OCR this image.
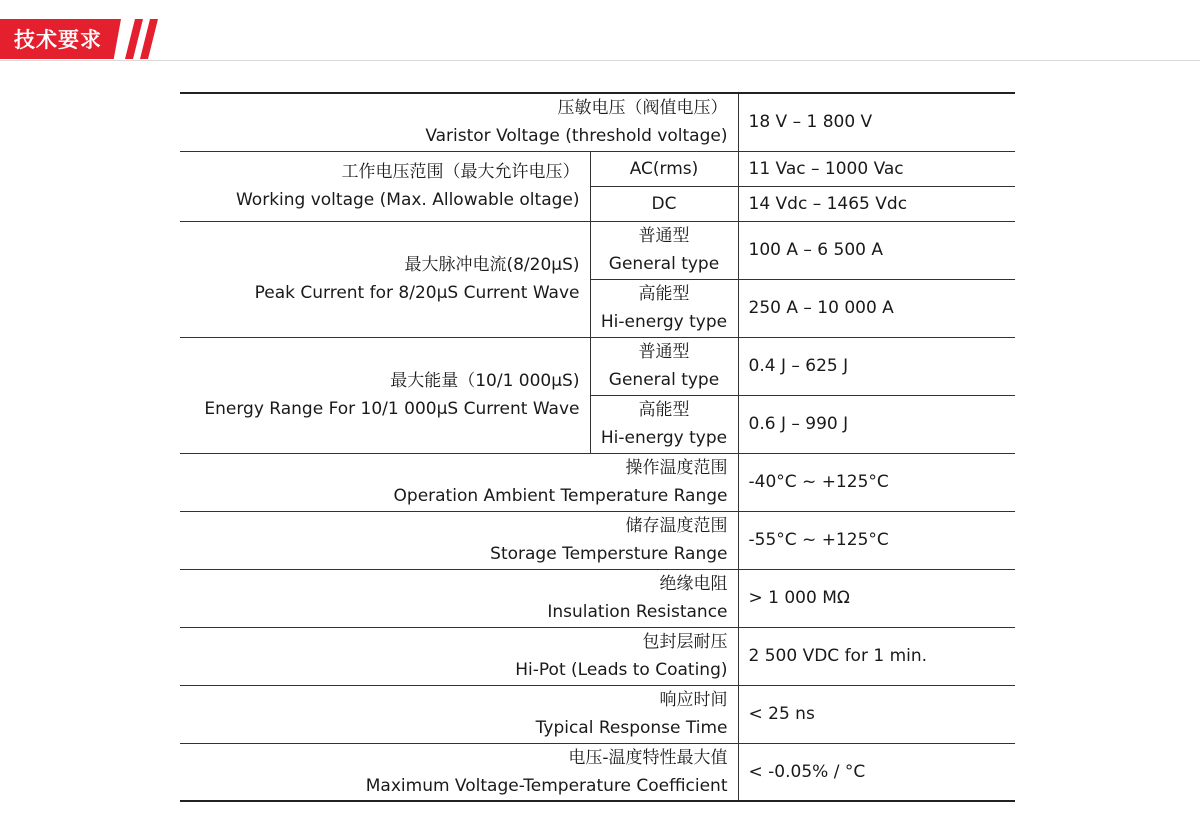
技术要求
压敏电压（阀值电压）
Varistor Voltage (threshold voltage)		18 V – 1 800 V

工作电压范围（最大允许电压）
Working voltage (Max. Allowable oltage)	AC(rms)	11 Vac – 1000 Vac
	DC	14 Vdc – 1465 Vdc

最大脉冲电流(8/20μS)
Peak Current for 8/20μS Current Wave	普通型
General type	100 A – 6 500 A

	高能型
Hi-energy type	250 A – 10 000 A

最大能量（10/1 000μS)
Energy Range For 10/1 000μS Current Wave	普通型
General type	0.4 J – 625 J

	高能型
Hi-energy type	0.6 J – 990 J

操作温度范围
Operation Ambient Temperature Range		-40°C ~ +125°C

储存温度范围
Storage Tempersture Range		-55°C ~ +125°C

绝缘电阻
Insulation Resistance		> 1 000 MΩ

包封层耐压
Hi-Pot (Leads to Coating)		2 500 VDC for 1 min.

响应时间
Typical Response Time		< 25 ns

电压-温度特性最大值
Maximum Voltage-Temperature Coefficient		< -0.05% / °C
